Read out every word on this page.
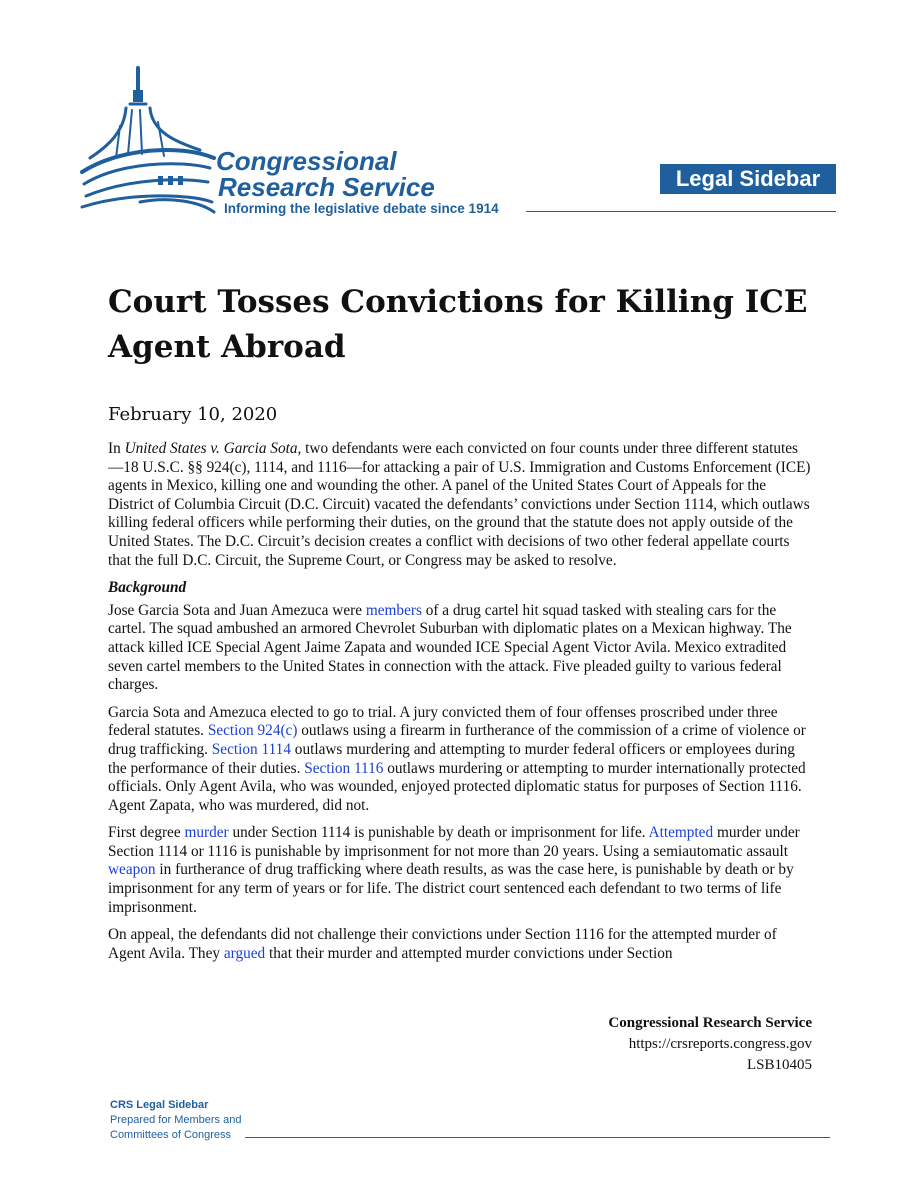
Congressional
Research Service
Informing the legislative debate since 1914
Legal Sidebar
Court Tosses Convictions for Killing ICE Agent Abroad
February 10, 2020

In United States v. Garcia Sota, two defendants were each convicted on four counts under three different statutes—18 U.S.C. §§ 924(c), 1114, and 1116—for attacking a pair of U.S. Immigration and Customs Enforcement (ICE) agents in Mexico, killing one and wounding the other. A panel of the United States Court of Appeals for the District of Columbia Circuit (D.C. Circuit) vacated the defendants’ convictions under Section 1114, which outlaws killing federal officers while performing their duties, on the ground that the statute does not apply outside of the United States. The D.C. Circuit’s decision creates a conflict with decisions of two other federal appellate courts that the full D.C. Circuit, the Supreme Court, or Congress may be asked to resolve.

Background

Jose Garcia Sota and Juan Amezuca were members of a drug cartel hit squad tasked with stealing cars for the cartel. The squad ambushed an armored Chevrolet Suburban with diplomatic plates on a Mexican highway. The attack killed ICE Special Agent Jaime Zapata and wounded ICE Special Agent Victor Avila. Mexico extradited seven cartel members to the United States in connection with the attack. Five pleaded guilty to various federal charges.

Garcia Sota and Amezuca elected to go to trial. A jury convicted them of four offenses proscribed under three federal statutes. Section 924(c) outlaws using a firearm in furtherance of the commission of a crime of violence or drug trafficking. Section 1114 outlaws murdering and attempting to murder federal officers or employees during the performance of their duties. Section 1116 outlaws murdering or attempting to murder internationally protected officials. Only Agent Avila, who was wounded, enjoyed protected diplomatic status for purposes of Section 1116. Agent Zapata, who was murdered, did not.

First degree murder under Section 1114 is punishable by death or imprisonment for life. Attempted murder under Section 1114 or 1116 is punishable by imprisonment for not more than 20 years. Using a semiautomatic assault weapon in furtherance of drug trafficking where death results, as was the case here, is punishable by death or by imprisonment for any term of years or for life. The district court sentenced each defendant to two terms of life imprisonment.

On appeal, the defendants did not challenge their convictions under Section 1116 for the attempted murder of Agent Avila. They argued that their murder and attempted murder convictions under Section

Congressional Research Service
https://crsreports.congress.gov
LSB10405
CRS Legal Sidebar
Prepared for Members and
Committees of Congress
